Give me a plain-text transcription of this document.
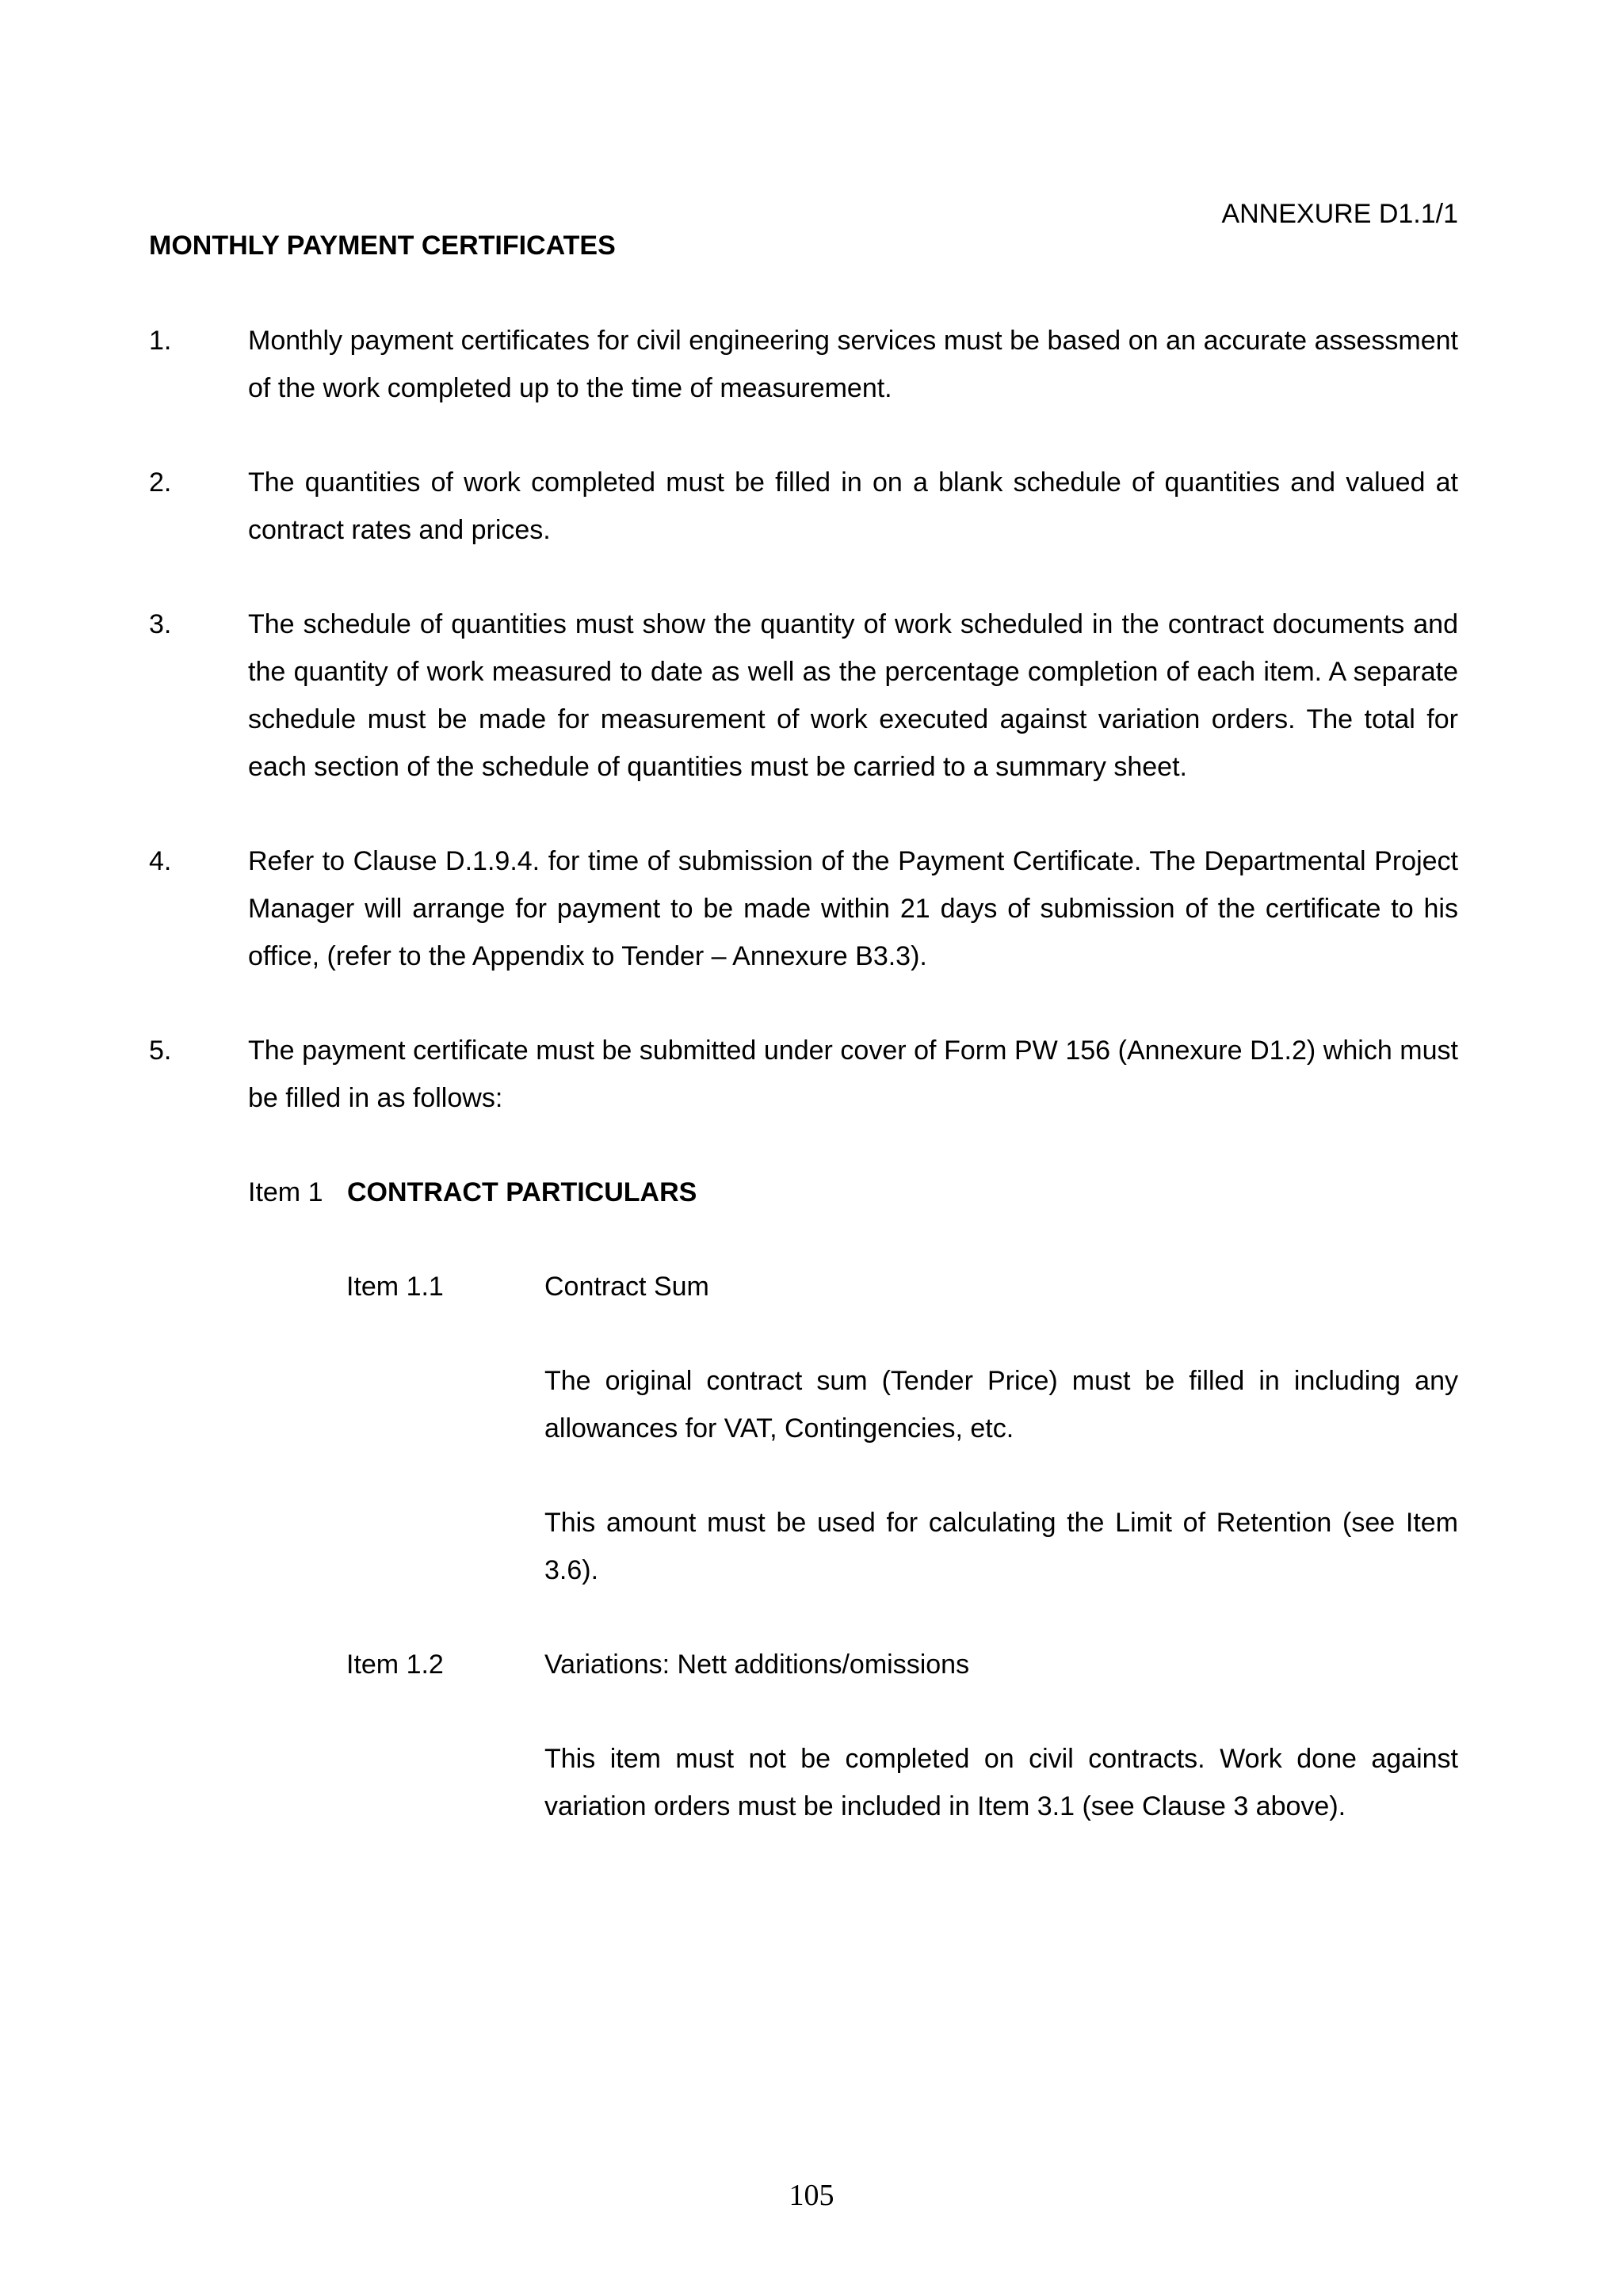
ANNEXURE D1.1/1
MONTHLY PAYMENT CERTIFICATES
1.	Monthly payment certificates for civil engineering services must be based on an accurate assessment of the work completed up to the time of measurement.
2.	The quantities of work completed must be filled in on a blank schedule of quantities and valued at contract rates and prices.
3.	The schedule of quantities must show the quantity of work scheduled in the contract documents and the quantity of work measured to date as well as the percentage completion of each item. A separate schedule must be made for measurement of work executed against variation orders. The total for each section of the schedule of quantities must be carried to a summary sheet.
4.	Refer to Clause D.1.9.4. for time of submission of the Payment Certificate. The Departmental Project Manager will arrange for payment to be made within 21 days of submission of the certificate to his office, (refer to the Appendix to Tender – Annexure B3.3).
5.	The payment certificate must be submitted under cover of Form PW 156 (Annexure D1.2) which must be filled in as follows:
Item 1 CONTRACT PARTICULARS
Item 1.1	Contract Sum
The original contract sum (Tender Price) must be filled in including any allowances for VAT, Contingencies, etc.
This amount must be used for calculating the Limit of Retention (see Item 3.6).
Item 1.2	Variations: Nett additions/omissions
This item must not be completed on civil contracts. Work done against variation orders must be included in Item 3.1 (see Clause 3 above).
105
